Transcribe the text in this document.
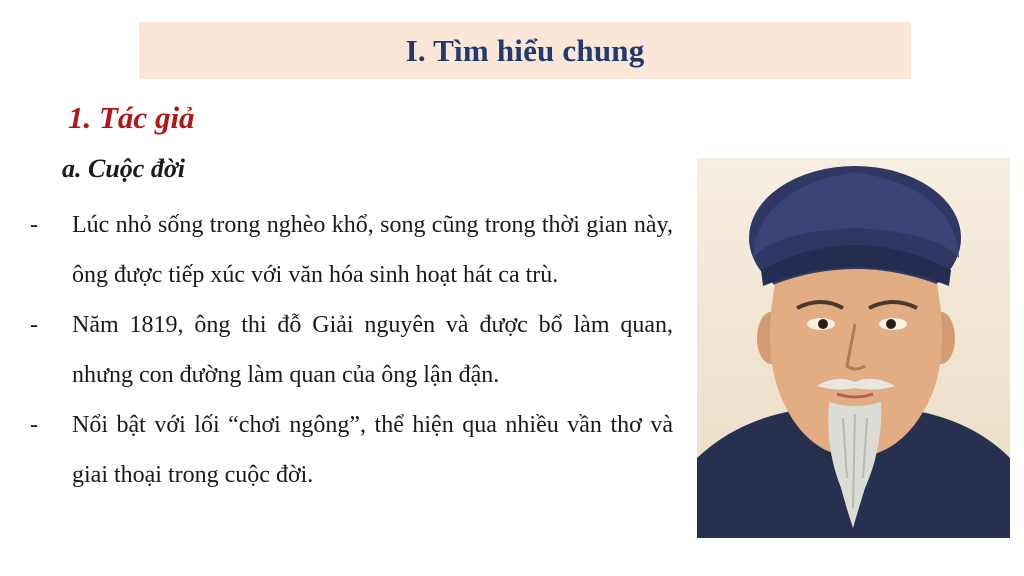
I. Tìm hiểu chung
1. Tác giả
a. Cuộc đời
-	Lúc nhỏ sống trong nghèo khổ, song cũng trong thời gian này, ông được tiếp xúc với văn hóa sinh hoạt hát ca trù.
-	Năm 1819, ông thi đỗ Giải nguyên và được bổ làm quan, nhưng con đường làm quan của ông lận đận.
-	Nổi bật với lối “chơi ngông”, thể hiện qua nhiều vần thơ và giai thoại trong cuộc đời.
